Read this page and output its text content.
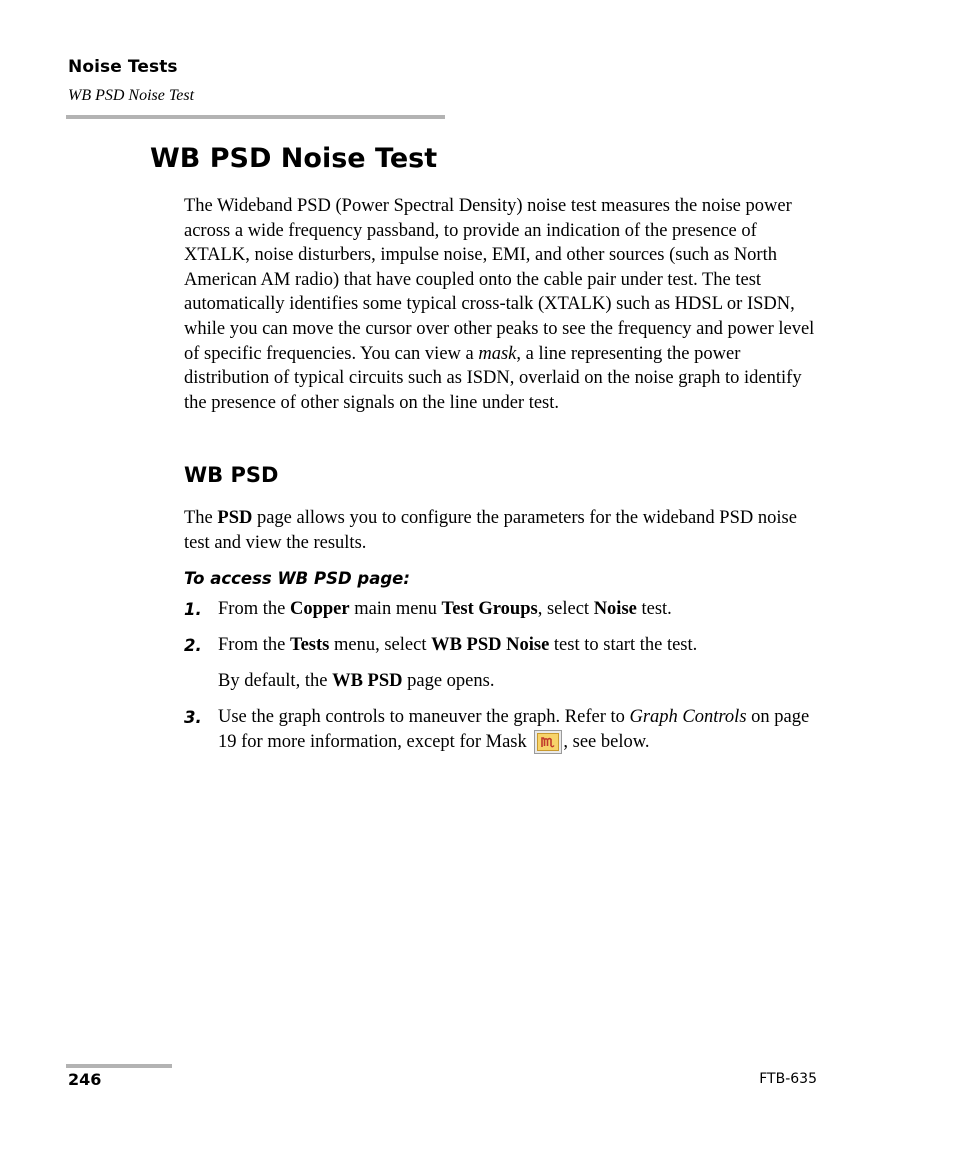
Noise Tests
WB PSD Noise Test
WB PSD Noise Test

The Wideband PSD (Power Spectral Density) noise test measures the noise power across a wide frequency passband, to provide an indication of the presence of XTALK, noise disturbers, impulse noise, EMI, and other sources (such as North American AM radio) that have coupled onto the cable pair under test. The test automatically identifies some typical cross-talk (XTALK) such as HDSL or ISDN, while you can move the cursor over other peaks to see the frequency and power level of specific frequencies. You can view a mask, a line representing the power distribution of typical circuits such as ISDN, overlaid on the noise graph to identify the presence of other signals on the line under test.

WB PSD

The PSD page allows you to configure the parameters for the wideband PSD noise test and view the results.

To access WB PSD page:
1. From the Copper main menu Test Groups, select Noise test.
2. From the Tests menu, select WB PSD Noise test to start the test.
By default, the WB PSD page opens.
3. Use the graph controls to maneuver the graph. Refer to Graph Controls on page 19 for more information, except for Mask , see below.
246	FTB-635
